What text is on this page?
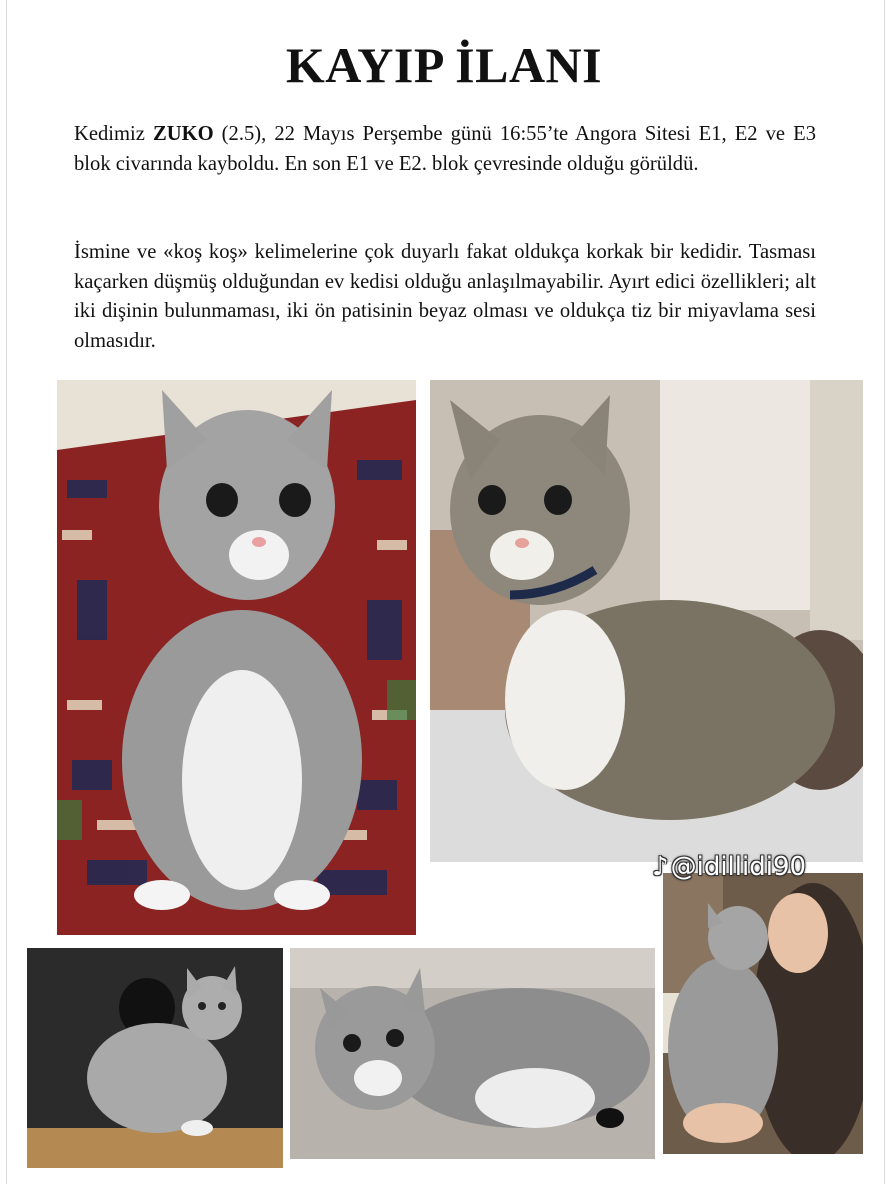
KAYIP İLANI

Kedimiz ZUKO (2.5), 22 Mayıs Perşembe günü 16:55’te Angora Sitesi E1, E2 ve E3 blok civarında kayboldu. En son E1 ve E2. blok çevresinde olduğu görüldü.

İsmine ve «koş koş» kelimelerine çok duyarlı fakat oldukça korkak bir kedidir. Tasması kaçarken düşmüş olduğundan ev kedisi olduğu anlaşılmayabilir. Ayırt edici özellikleri; alt iki dişinin bulunmaması, iki ön patisinin beyaz olması ve oldukça tiz bir miyavlama sesi olmasıdır.

♪@idillidi90
